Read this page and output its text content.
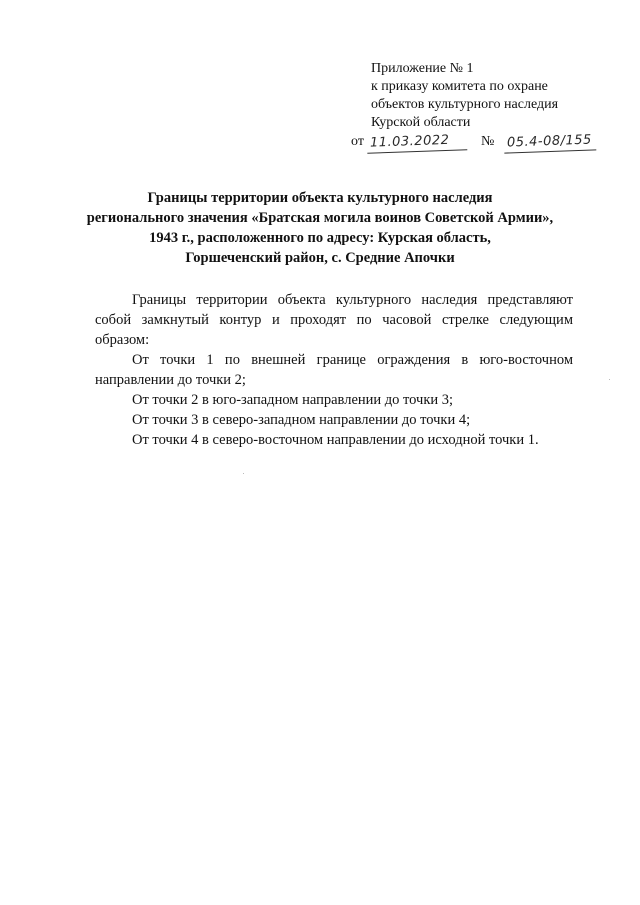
Приложение № 1
к приказу комитета по охране
объектов культурного наследия
Курской области
от 11.03.2022 № 05.4-08/155
Границы территории объекта культурного наследия
регионального значения «Братская могила воинов Советской Армии»,
1943 г., расположенного по адресу: Курская область,
Горшеченский район, с. Средние Апочки
Границы территории объекта культурного наследия представляют собой замкнутый контур и проходят по часовой стрелке следующим образом:
От точки 1 по внешней границе ограждения в юго-восточном направлении до точки 2;
От точки 2 в юго-западном направлении до точки 3;
От точки 3 в северо-западном направлении до точки 4;
От точки 4 в северо-восточном направлении до исходной точки 1.
